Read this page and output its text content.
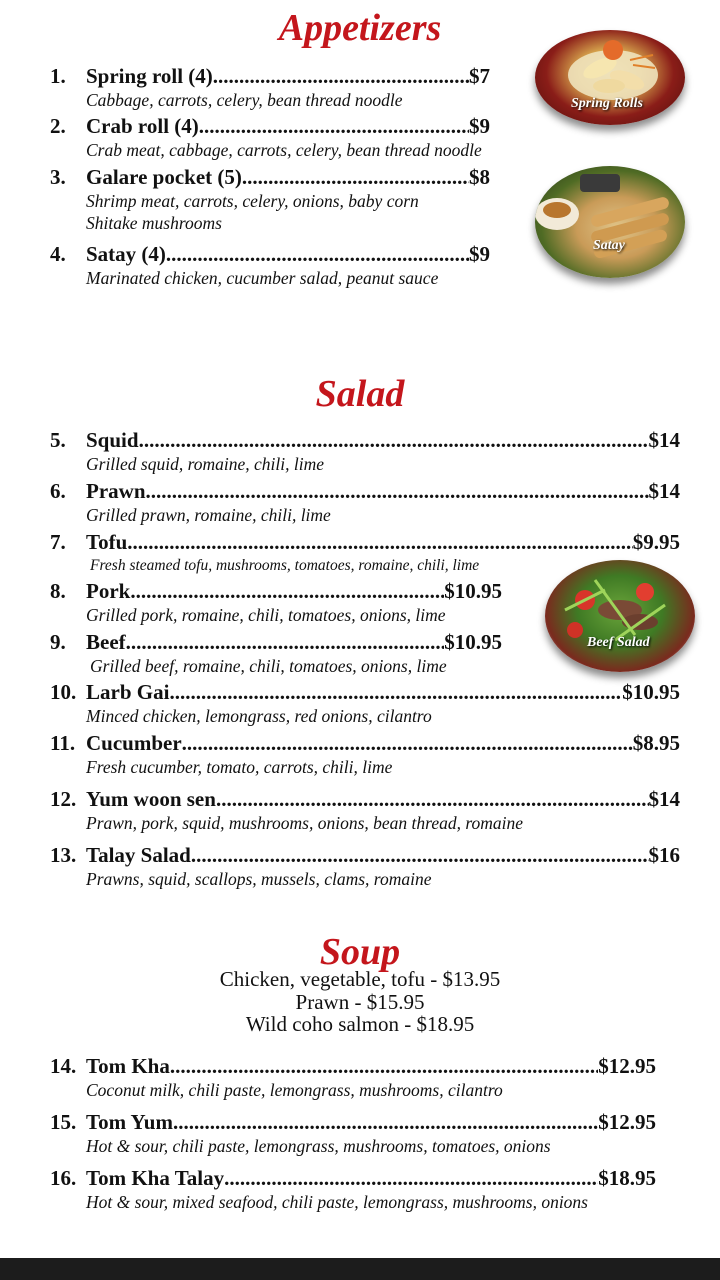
Appetizers
1. Spring roll (4) .....	$7
Cabbage, carrots, celery, bean thread noodle
2. Crab roll (4) .....	$9
Crab meat, cabbage, carrots, celery, bean thread noodle
3. Galare pocket (5) .....	$8
Shrimp meat, carrots, celery, onions, baby corn
Shitake mushrooms
4. Satay (4) .....	$9
Marinated chicken, cucumber salad, peanut sauce
Spring Rolls
Satay
Salad
5. Squid .....	$14
Grilled squid, romaine, chili, lime
6. Prawn .....	$14
Grilled prawn, romaine, chili, lime
7. Tofu .....	$9.95
Fresh steamed tofu, mushrooms, tomatoes, romaine, chili, lime
8. Pork .....	$10.95
Grilled pork, romaine, chili, tomatoes, onions, lime
9. Beef .....	$10.95
Grilled beef, romaine, chili, tomatoes, onions, lime
10. Larb Gai .....	$10.95
Minced chicken, lemongrass, red onions, cilantro
11. Cucumber .....	$8.95
Fresh cucumber, tomato, carrots, chili, lime
12. Yum woon sen .....	$14
Prawn, pork, squid, mushrooms, onions, bean thread, romaine
13. Talay Salad .....	$16
Prawns, squid, scallops, mussels, clams, romaine
Beef Salad
Soup
Chicken, vegetable, tofu - $13.95
Prawn - $15.95
Wild coho salmon - $18.95
14. Tom Kha .....	$12.95
Coconut milk, chili paste, lemongrass, mushrooms, cilantro
15. Tom Yum .....	$12.95
Hot & sour, chili paste, lemongrass, mushrooms, tomatoes, onions
16. Tom Kha Talay .....	$18.95
Hot & sour, mixed seafood, chili paste, lemongrass, mushrooms, onions
